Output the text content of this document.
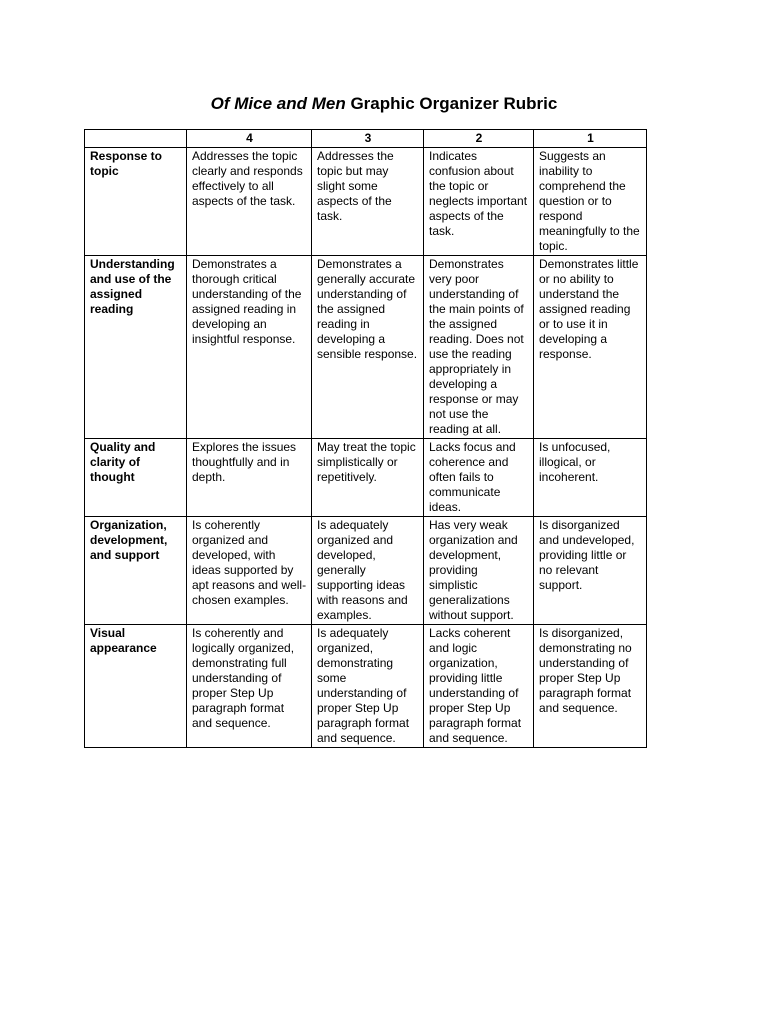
Of Mice and Men Graphic Organizer Rubric
	4	3	2	1
Response to topic	Addresses the topic clearly and responds effectively to all aspects of the task.	Addresses the topic but may slight some aspects of the task.	Indicates confusion about the topic or neglects important aspects of the task.	Suggests an inability to comprehend the question or to respond meaningfully to the topic.
Understanding and use of the assigned reading	Demonstrates a thorough critical understanding of the assigned reading in developing an insightful response.	Demonstrates a generally accurate understanding of the assigned reading in developing a sensible response.	Demonstrates very poor understanding of the main points of the assigned reading. Does not use the reading appropriately in developing a response or may not use the reading at all.	Demonstrates little or no ability to understand the assigned reading or to use it in developing a response.
Quality and clarity of thought	Explores the issues thoughtfully and in depth.	May treat the topic simplistically or repetitively.	Lacks focus and coherence and often fails to communicate ideas.	Is unfocused, illogical, or incoherent.
Organization, development, and support	Is coherently organized and developed, with ideas supported by apt reasons and well-chosen examples.	Is adequately organized and developed, generally supporting ideas with reasons and examples.	Has very weak organization and development, providing simplistic generalizations without support.	Is disorganized and undeveloped, providing little or no relevant support.
Visual appearance	Is coherently and logically organized, demonstrating full understanding of proper Step Up paragraph format and sequence.	Is adequately organized, demonstrating some understanding of proper Step Up paragraph format and sequence.	Lacks coherent and logic organization, providing little understanding of proper Step Up paragraph format and sequence.	Is disorganized, demonstrating no understanding of proper Step Up paragraph format and sequence.
